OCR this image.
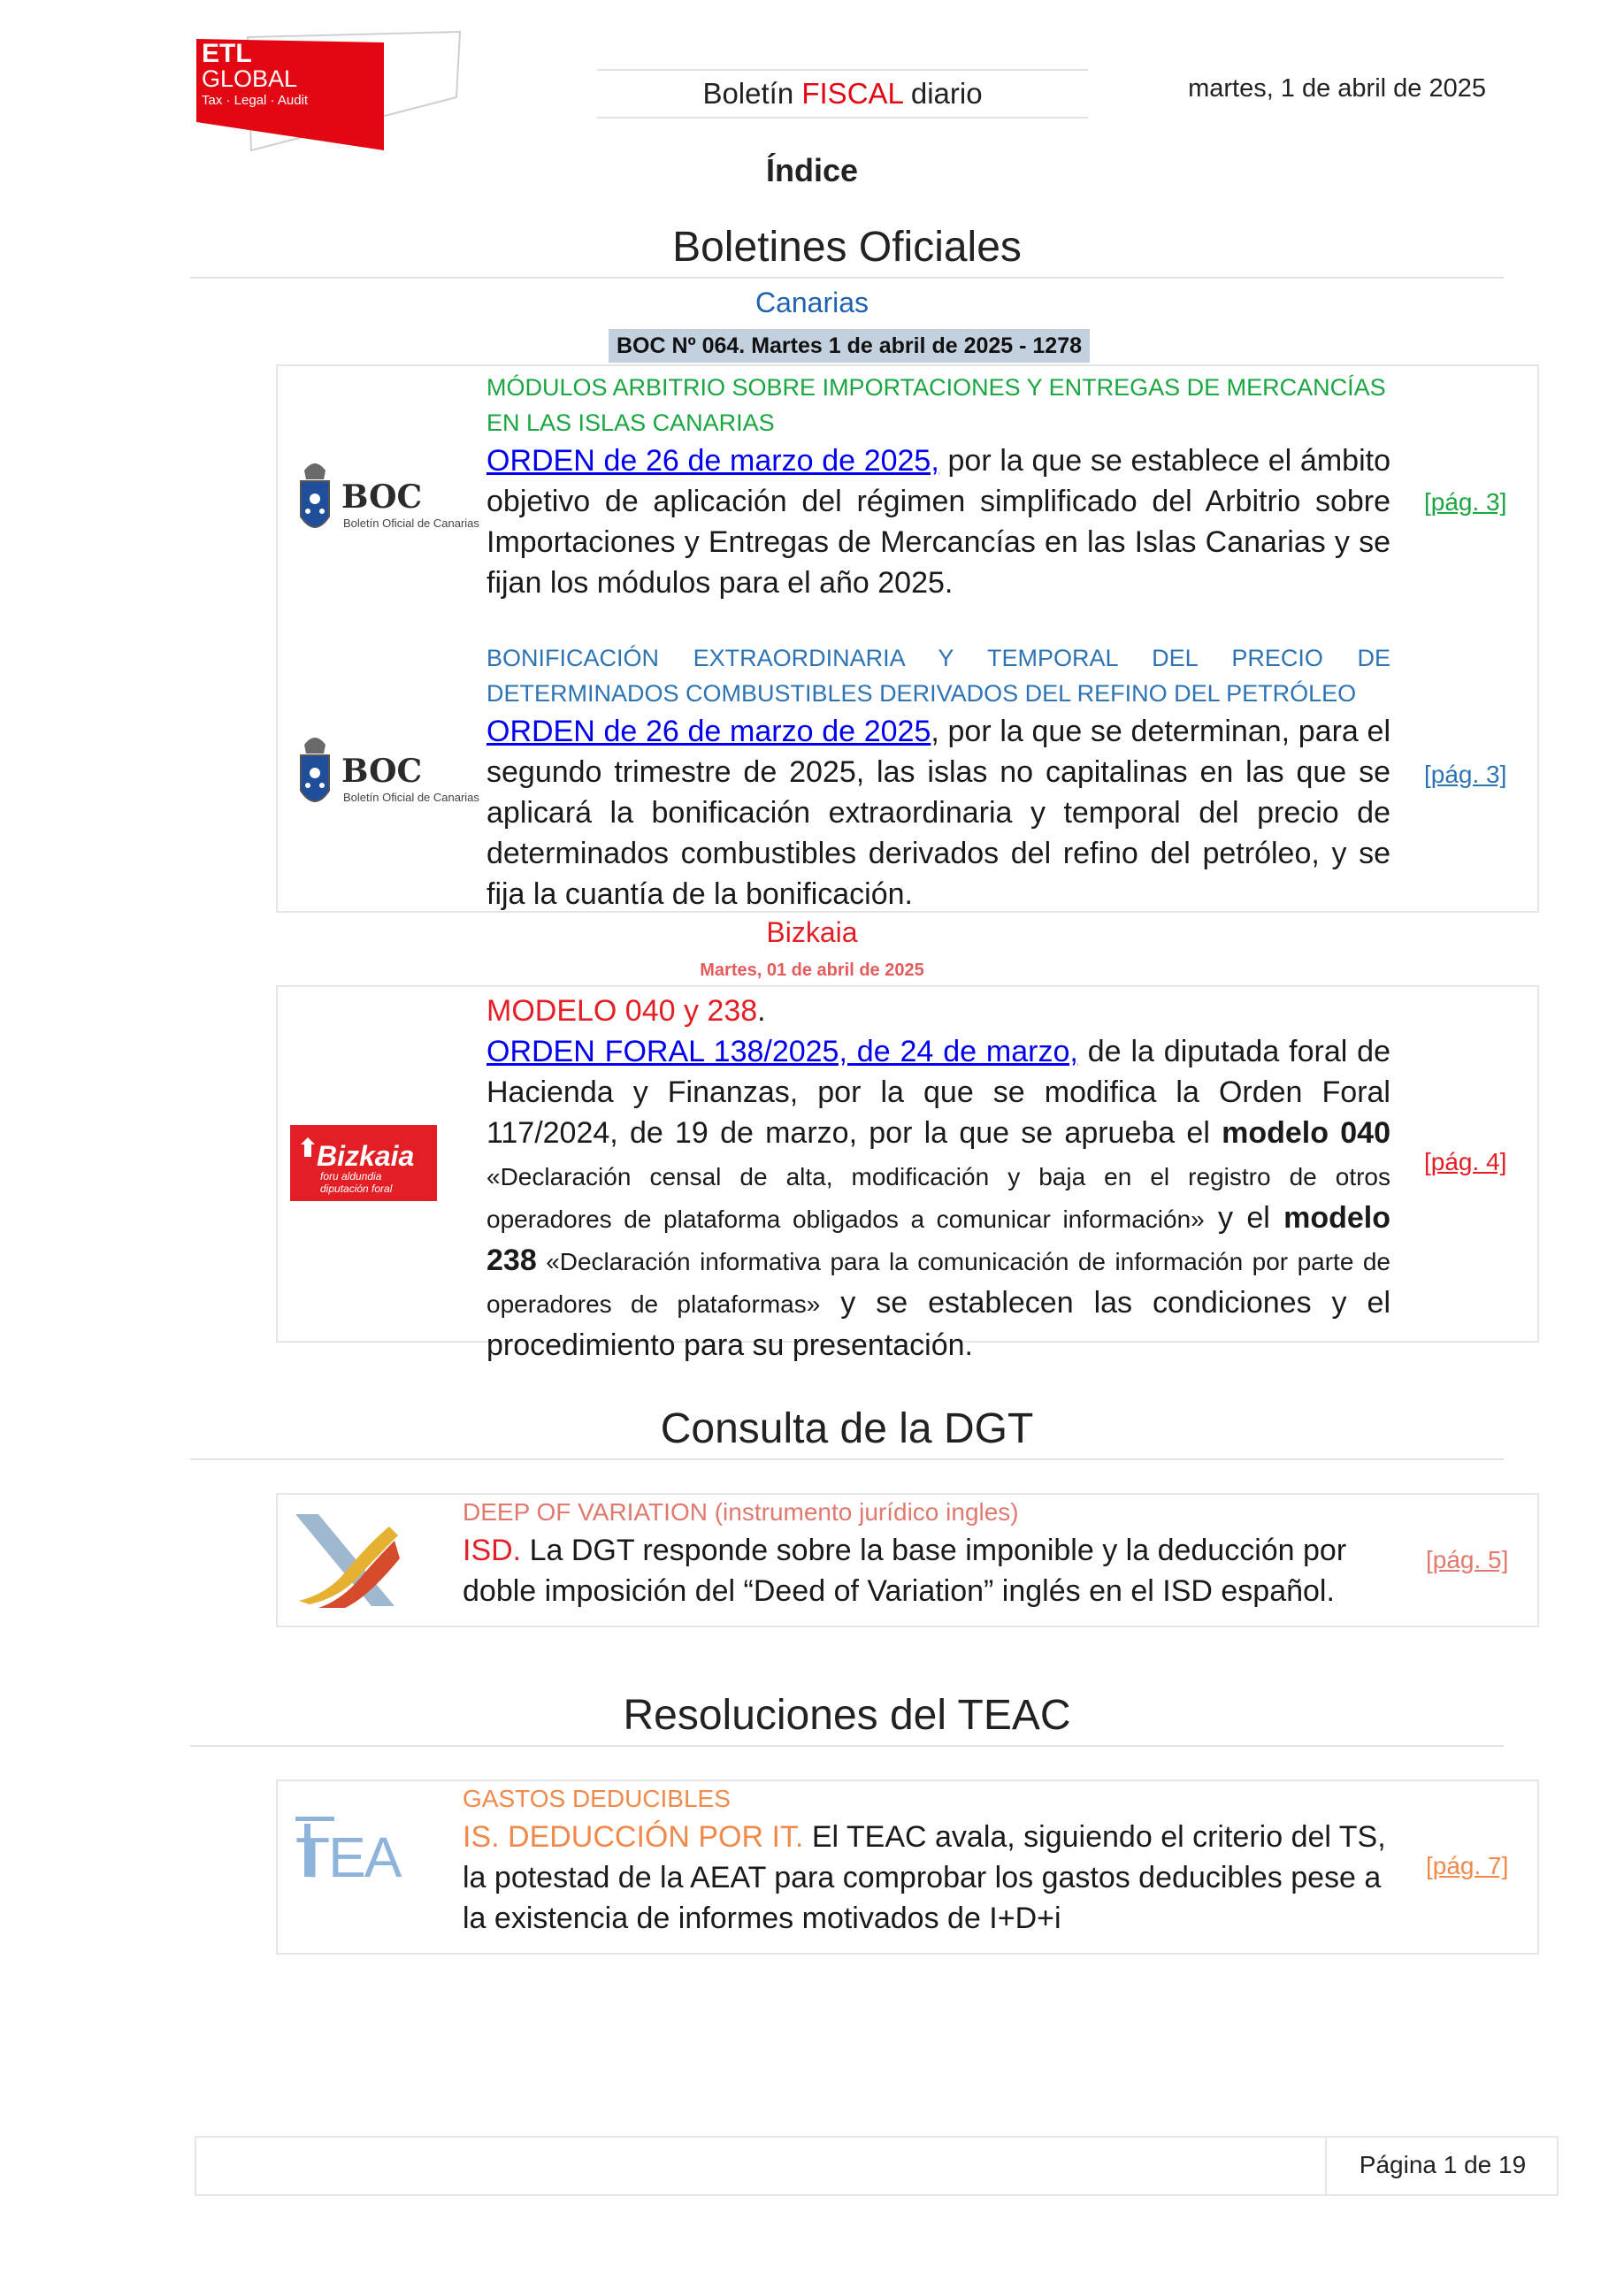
ETL
GLOBAL
Tax · Legal · Audit	Boletín FISCAL diario	martes, 1 de abril de 2025
Índice
Boletines Oficiales
Canarias
BOC Nº 064. Martes 1 de abril de 2025 - 1278
BOC
Boletín Oficial de Canarias
MÓDULOS ARBITRIO SOBRE IMPORTACIONES Y ENTREGAS DE MERCANCÍAS EN LAS ISLAS CANARIAS
ORDEN de 26 de marzo de 2025, por la que se establece el ámbito objetivo de aplicación del régimen simplificado del Arbitrio sobre Importaciones y Entregas de Mercancías en las Islas Canarias y se fijan los módulos para el año 2025.
[pág. 3]
BOC
Boletín Oficial de Canarias
BONIFICACIÓN EXTRAORDINARIA Y TEMPORAL DEL PRECIO DE DETERMINADOS COMBUSTIBLES DERIVADOS DEL REFINO DEL PETRÓLEO
ORDEN de 26 de marzo de 2025, por la que se determinan, para el segundo trimestre de 2025, las islas no capitalinas en las que se aplicará la bonificación extraordinaria y temporal del precio de determinados combustibles derivados del refino del petróleo, y se fija la cuantía de la bonificación.
[pág. 3]
Bizkaia
Martes, 01 de abril de 2025
Bizkaia
foru aldundia
diputación foral
MODELO 040 y 238.
ORDEN FORAL 138/2025, de 24 de marzo, de la diputada foral de Hacienda y Finanzas, por la que se modifica la Orden Foral 117/2024, de 19 de marzo, por la que se aprueba el modelo 040 «Declaración censal de alta, modificación y baja en el registro de otros operadores de plataforma obligados a comunicar información» y el modelo 238 «Declaración informativa para la comunicación de información por parte de operadores de plataformas» y se establecen las condiciones y el procedimiento para su presentación.
[pág. 4]
Consulta de la DGT
DEEP OF VARIATION (instrumento jurídico ingles)
ISD. La DGT responde sobre la base imponible y la deducción por doble imposición del “Deed of Variation” inglés en el ISD español.
[pág. 5]
Resoluciones del TEAC
TEA
GASTOS DEDUCIBLES
IS. DEDUCCIÓN POR IT. El TEAC avala, siguiendo el criterio del TS, la potestad de la AEAT para comprobar los gastos deducibles pese a la existencia de informes motivados de I+D+i
[pág. 7]
Página 1 de 19
